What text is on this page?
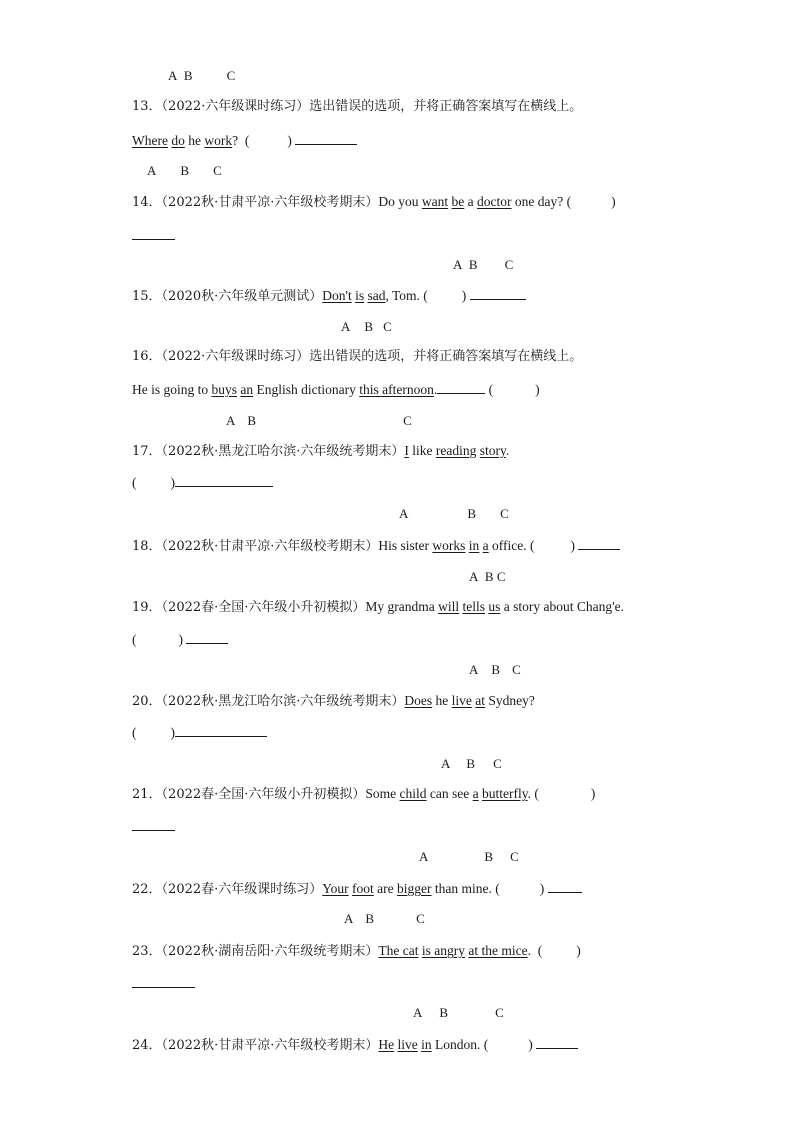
A B	C
13．（2022·六年级课时练习）选出错误的选项，并将正确答案填写在横线上。
Where do he work?  (	)
A B C
14．（2022秋·甘肃平凉·六年级校考期末）Do you want be a doctor one day? (	)
A B C
15．（2020秋·六年级单元测试）Don't is sad, Tom. (	)
A B C
16．（2022·六年级课时练习）选出错误的选项，并将正确答案填写在横线上。
He is going to buys an English dictionary this afternoon.	(	)
A B	C
17．（2022秋·黑龙江哈尔滨·六年级统考期末）I like reading story.
(	)
A	B C
18．（2022秋·甘肃平凉·六年级校考期末）His sister works in a office. (	)
A B C
19．（2022春·全国·六年级小升初模拟）My grandma will tells us a story about Chang'e.
(	)
A B C
20．（2022秋·黑龙江哈尔滨·六年级统考期末）Does he live at Sydney?
(	)
A B C
21．（2022春·全国·六年级小升初模拟）Some child can see a butterfly. (	)
A	B C
22．（2022春·六年级课时练习）Your foot are bigger than mine. (	)
A B	C
23．（2022秋·湖南岳阳·六年级统考期末）The cat is angry at the mice.  (	)
A B	C
24．（2022秋·甘肃平凉·六年级校考期末）He live in London. (	)
